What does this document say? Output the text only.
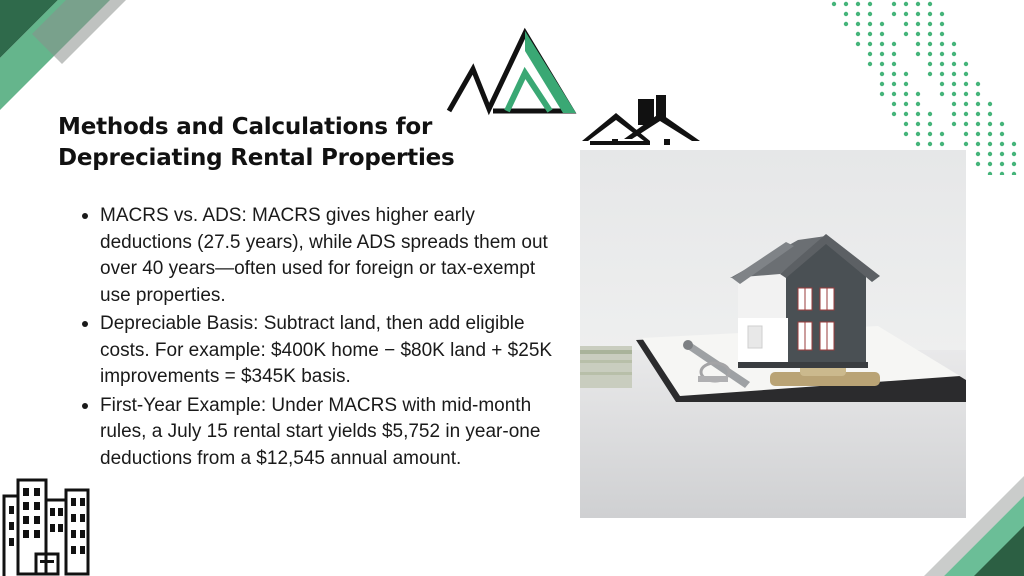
Methods and Calculations for
Depreciating Rental Properties
MACRS vs. ADS: MACRS gives higher early deductions (27.5 years), while ADS spreads them out over 40 years—often used for foreign or tax-exempt use properties.
Depreciable Basis: Subtract land, then add eligible costs. For example: $400K home − $80K land + $25K improvements = $345K basis.
First-Year Example: Under MACRS with mid-month rules, a July 15 rental start yields $5,752 in year-one deductions from a $12,545 annual amount.
